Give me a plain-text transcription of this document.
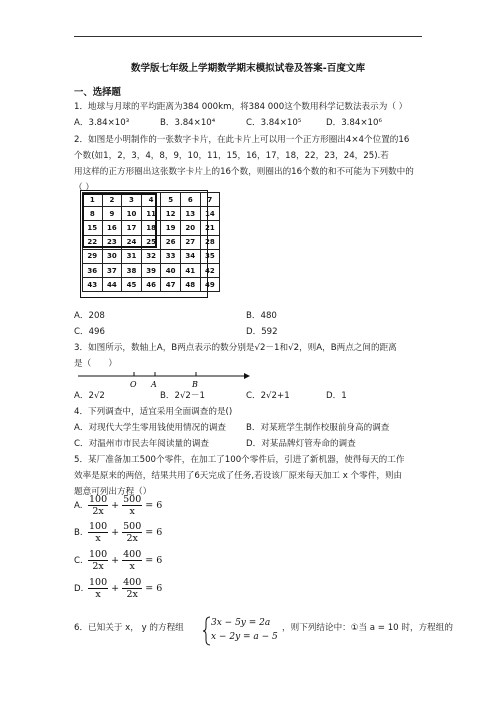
数学版七年级上学期数学期末模拟试卷及答案-百度文库
一、选择题
1．地球与月球的平均距离为384 000km，将384 000这个数用科学记数法表示为（ ）
A．3.84×10³	B．3.84×10⁴	C．3.84×10⁵	D．3.84×10⁶
2．如图是小明制作的一张数字卡片，在此卡片上可以用一个正方形圈出4×4个位置的16
个数(如1，2，3，4，8，9，10，11，15，16，17，18，22，23，24，25).若
用这样的正方形圈出这张数字卡片上的16个数，则圈出的16个数的和不可能为下列数中的
（ ）
1	2	3	4	5	6	7
8	9	10	11	12	13	14
15	16	17	18	19	20	21
22	23	24	25	26	27	28
29	30	31	32	33	34	35
36	37	38	39	40	41	42
43	44	45	46	47	48	49
A．208	B．480
C．496	D．592
3．如图所示，数轴上A，B两点表示的数分别是√2－1和√2，则A，B两点之间的距离
是（　　）
O A	B
A．2√2	B．2√2－1	C．2√2+1	D．1
4．下列调查中，适宜采用全面调查的是()
A．对现代大学生零用钱使用情况的调查 B．对某班学生制作校服前身高的调查
C．对温州市市民去年阅读量的调查	D．对某品牌灯管寿命的调查
5．某厂准备加工500个零件，在加工了100个零件后，引进了新机器，使得每天的工作
效率是原来的两倍，结果共用了6天完成了任务,若设该厂原来每天加工 x 个零件，则由
题意可列出方程（）
A. $\frac{100}{2x} + \frac{500}{x} = 6$
B. $\frac{100}{x} + \frac{500}{2x} = 6$
C. $\frac{100}{2x} + \frac{400}{x} = 6$
D. $\frac{100}{x} + \frac{400}{2x} = 6$
6．已知关于 x， y 的方程组	3x − 5y = 2a
x − 2y = a − 5
，则下列结论中：①当 a = 10 时，方程组的
